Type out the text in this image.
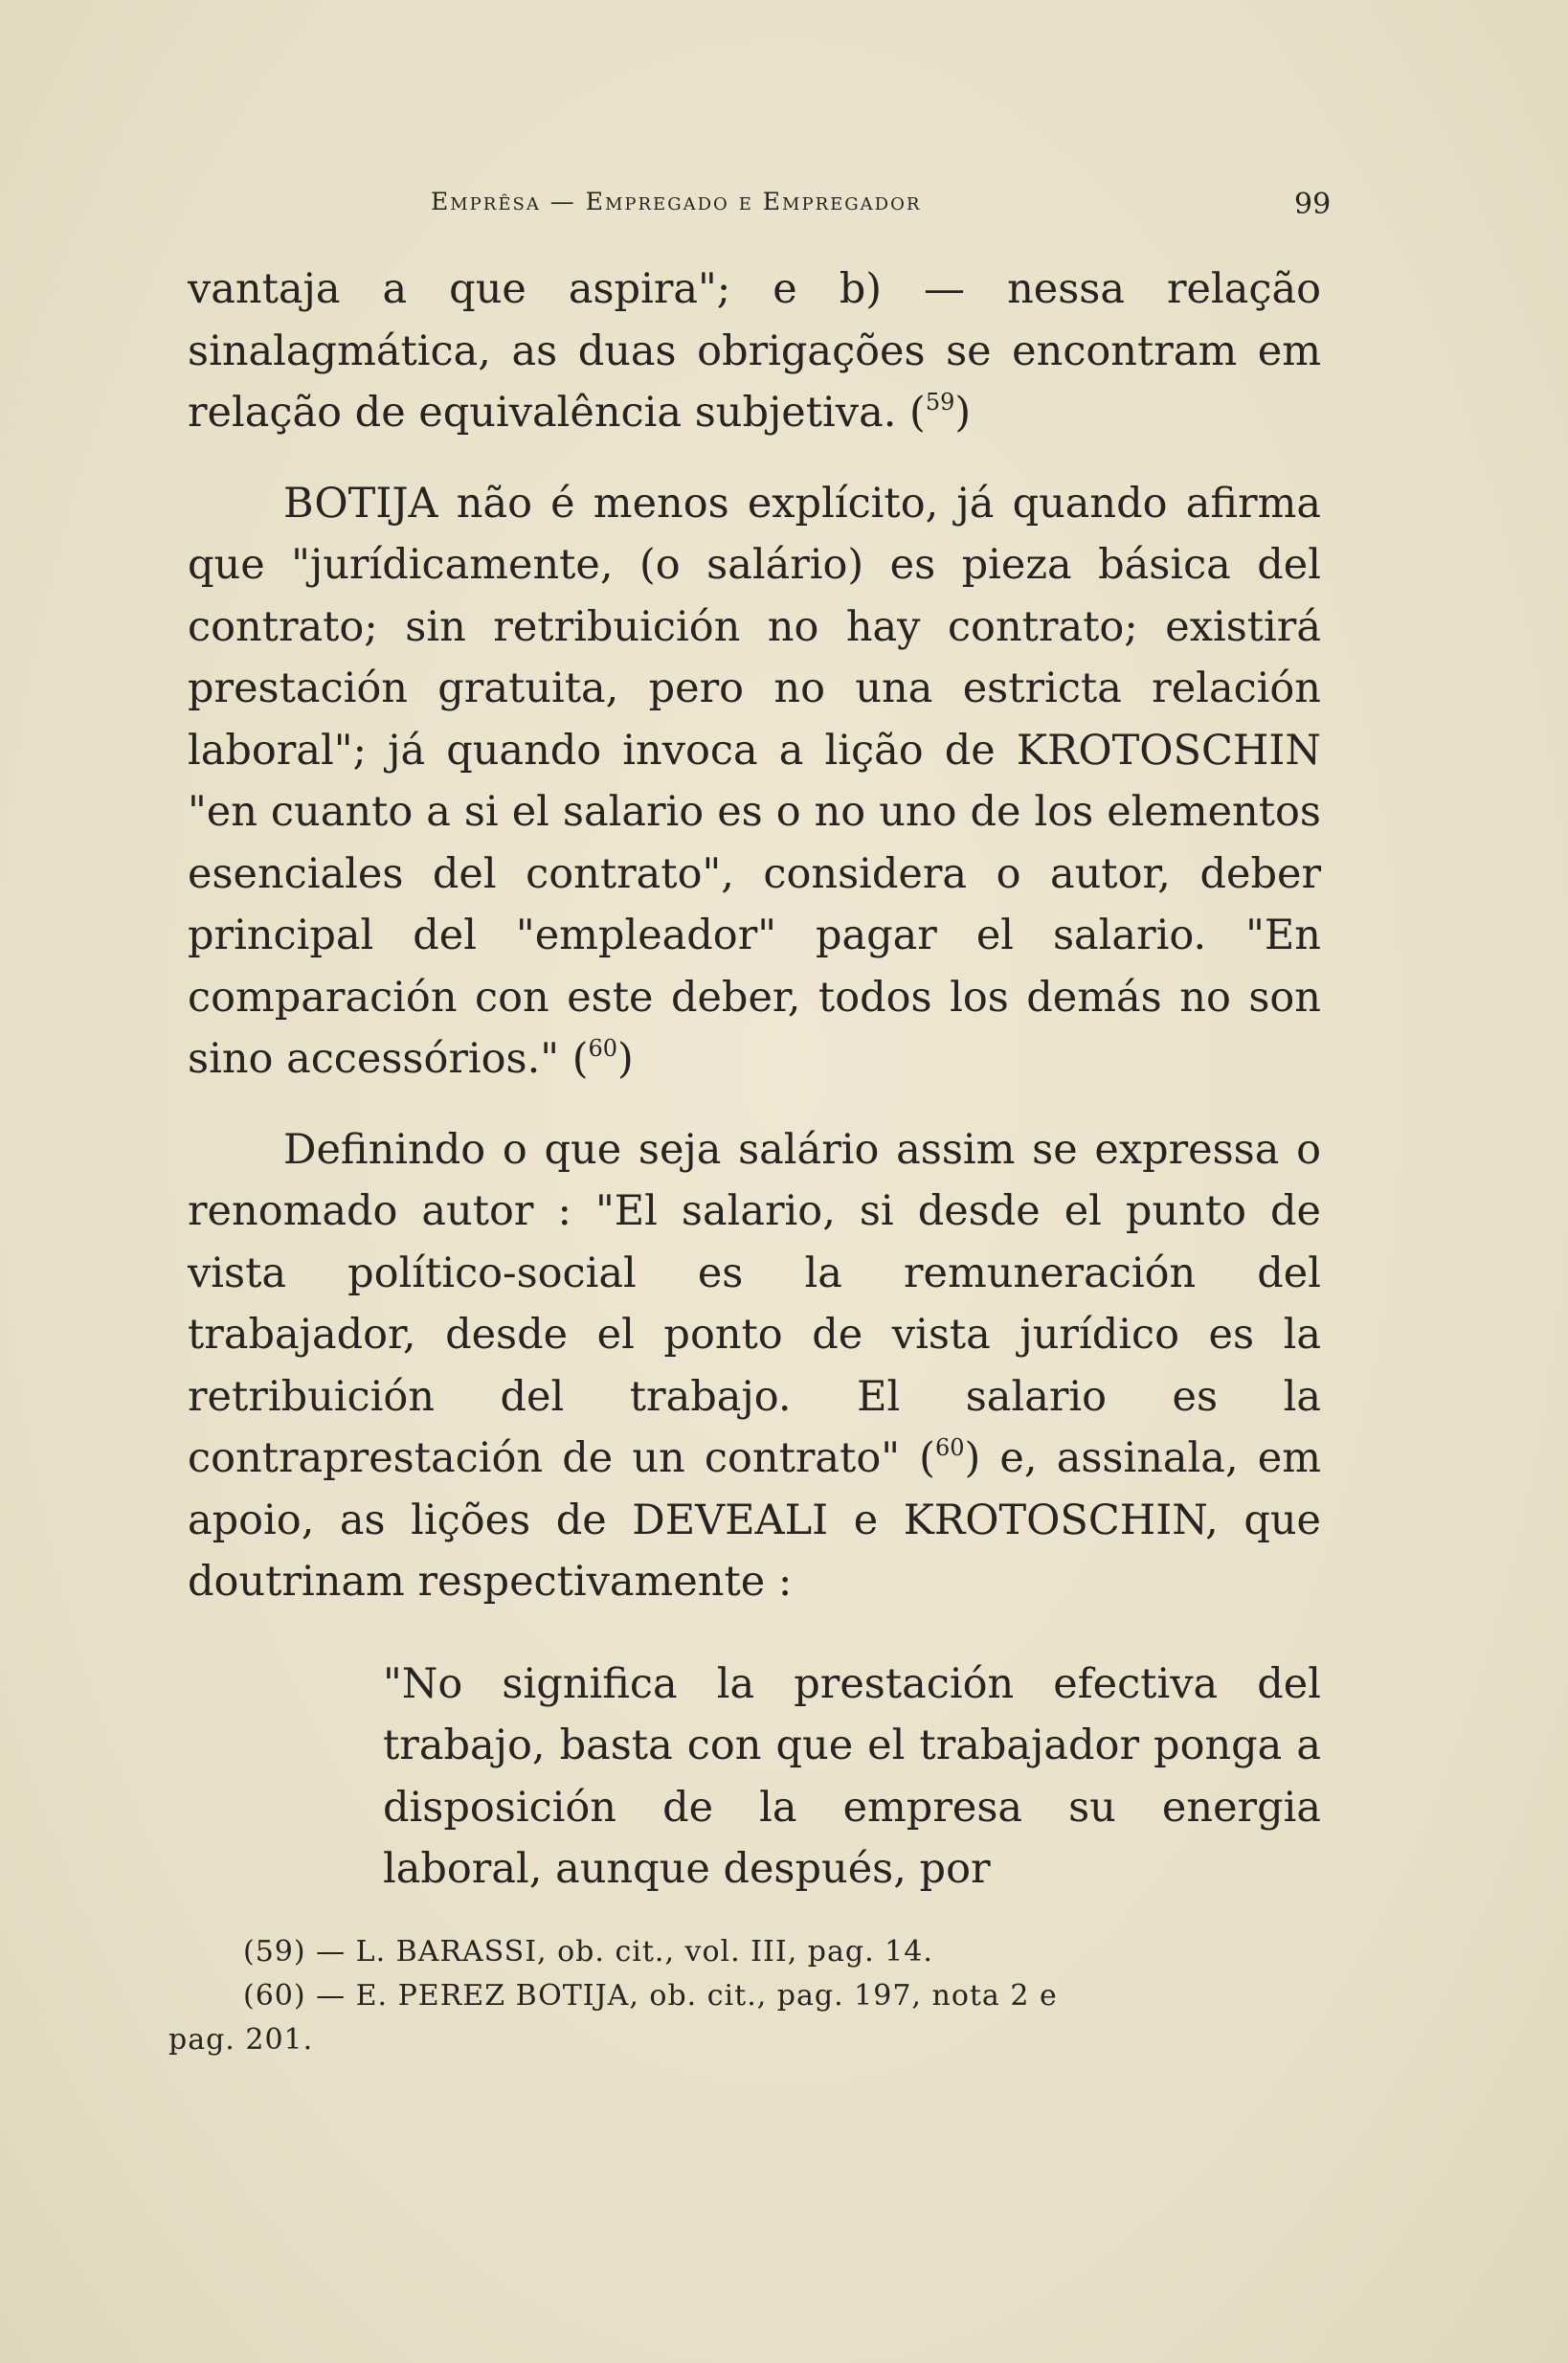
Emprêsa — Empregado e Empregador	99

vantaja a que aspira"; e b) — nessa relação sinalagmática, as duas obrigações se encontram em relação de equivalência subjetiva. ($^{59}$)

BOTIJA não é menos explícito, já quando afirma que "jurídicamente, (o salário) es pieza básica del contrato; sin retribuición no hay contrato; existirá prestación gratuita, pero no una estricta relación laboral"; já quando invoca a lição de KROTOSCHIN "en cuanto a si el salario es o no uno de los elementos esenciales del contrato", considera o autor, deber principal del "empleador" pagar el salario. "En comparación con este deber, todos los demás no son sino accessórios." ($^{60}$)

Definindo o que seja salário assim se expressa o renomado autor : "El salario, si desde el punto de vista político-social es la remuneración del trabajador, desde el ponto de vista jurídico es la retribuición del trabajo. El salario es la contraprestación de un contrato" ($^{60}$) e, assinala, em apoio, as lições de DEVEALI e KROTOSCHIN, que doutrinam respectivamente :

"No significa la prestación efectiva del trabajo, basta con que el trabajador ponga a disposición de la empresa su energia laboral, aunque después, por

(59) — L. BARASSI, ob. cit., vol. III, pag. 14.

(60) — E. PEREZ BOTIJA, ob. cit., pag. 197, nota 2 e

pag. 201.
